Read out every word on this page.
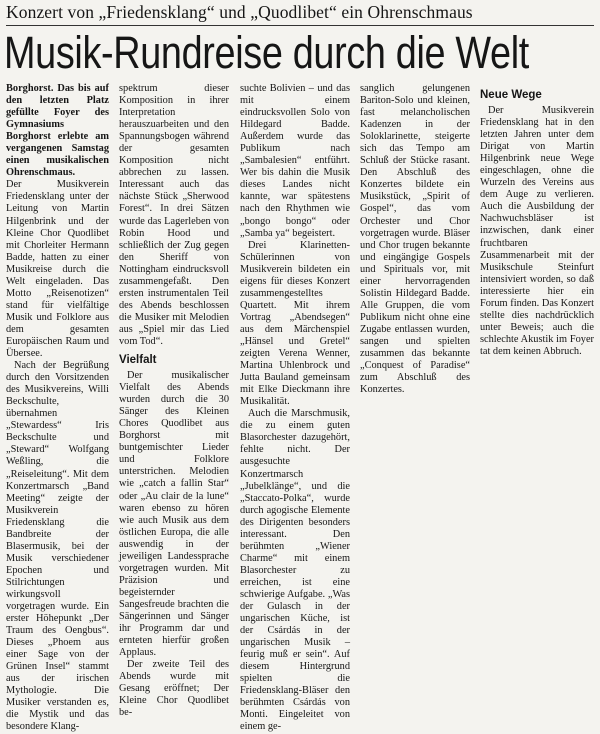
Konzert von „Friedensklang“ und „Quodlibet“ ein Ohrenschmaus
Musik-Rundreise durch die Welt

Borghorst. Das bis auf den letzten Platz gefüllte Foyer des Gymnasiums Borghorst erlebte am vergangenen Samstag einen musikalischen Ohrenschmaus.

Der Musikverein Friedensklang unter der Leitung von Martin Hilgenbrink und der Kleine Chor Quodlibet mit Chorleiter Hermann Badde, hatten zu einer Musikreise durch die Welt eingeladen. Das Motto „Reisenotizen“ stand für vielfältige Musik und Folklore aus dem gesamten Europäischen Raum und Übersee.

Nach der Begrüßung durch den Vorsitzenden des Musikvereins, Willi Beckschulte, übernahmen „Stewardess“ Iris Beckschulte und „Steward“ Wolfgang Weßling, die „Reiseleitung“. Mit dem Konzertmarsch „Band Meeting“ zeigte der Musikverein Friedensklang die Bandbreite der Blasermusik, bei der Musik verschiedener Epochen und Stilrichtungen wirkungsvoll vorgetragen wurde. Ein erster Höhepunkt „Der Traum des Oengbus“. Dieses „Phoem aus einer Sage von der Grünen Insel“ stammt aus der irischen Mythologie. Die Musiker verstanden es, die Mystik und das besondere Klang-

spektrum dieser Komposition in ihrer Interpretation herauszuarbeiten und den Spannungsbogen während der gesamten Komposition nicht abbrechen zu lassen. Interessant auch das nächste Stück „Sherwood Forest“. In drei Sätzen wurde das Lagerleben von Robin Hood und schließlich der Zug gegen den Sheriff von Nottingham eindrucksvoll zusammengefaßt. Den ersten instrumentalen Teil des Abends beschlossen die Musiker mit Melodien aus „Spiel mir das Lied vom Tod“.

Vielfalt

Der musikalischer Vielfalt des Abends wurden durch die 30 Sänger des Kleinen Chores Quodlibet aus Borghorst mit buntgemischter Lieder und Folklore unterstrichen. Melodien wie „catch a fallin Star“ oder „Au clair de la lune“ waren ebenso zu hören wie auch Musik aus dem östlichen Europa, die alle auswendig in der jeweiligen Landessprache vorgetragen wurden. Mit Präzision und begeisternder Sangesfreude brachten die Sängerinnen und Sänger ihr Programm dar und ernteten hierfür großen Applaus.

Der zweite Teil des Abends wurde mit Gesang eröffnet; Der Kleine Chor Quodlibet be-

suchte Bolivien – und das mit einem eindrucksvollen Solo von Hildegard Badde. Außerdem wurde das Publikum nach „Sambalesien“ entführt. Wer bis dahin die Musik dieses Landes nicht kannte, war spätestens nach den Rhythmen wie „bongo bongo“ oder „Samba ya“ begeistert.

Drei Klarinetten-Schülerinnen von Musikverein bildeten ein eigens für dieses Konzert zusammengestelltes Quartett. Mit ihrem Vortrag „Abendsegen“ aus dem Märchenspiel „Hänsel und Gretel“ zeigten Verena Wenner, Martina Uhlenbrock und Jutta Bauland gemeinsam mit Elke Dieckmann ihre Musikalität.

Auch die Marschmusik, die zu einem guten Blasorchester dazugehört, fehlte nicht. Der ausgesuchte Konzertmarsch „Jubelklänge“, und die „Staccato-Polka“, wurde durch agogische Elemente des Dirigenten besonders interessant. Den berühmten „Wiener Charme“ mit einem Blasorchester zu erreichen, ist eine schwierige Aufgabe. „Was der Gulasch in der ungarischen Küche, ist der Csárdás in der ungarischen Musik – feurig muß er sein“. Auf diesem Hintergrund spielten die Friedensklang-Bläser den berühmten Csárdás von Monti. Eingeleitet von einem ge-

sanglich gelungenen Bariton-Solo und kleinen, fast melancholischen Kadenzen in der Soloklarinette, steigerte sich das Tempo am Schluß der Stücke rasant. Den Abschluß des Konzertes bildete ein Musikstück, „Spirit of Gospel“, das vom Orchester und Chor vorgetragen wurde. Bläser und Chor trugen bekannte und eingängige Gospels und Spirituals vor, mit einer hervorragenden Solistin Hildegard Badde. Alle Gruppen, die vom Publikum nicht ohne eine Zugabe entlassen wurden, sangen und spielten zusammen das bekannte „Conquest of Paradise“ zum Abschluß des Konzertes.

Neue Wege

Der Musikverein Friedensklang hat in den letzten Jahren unter dem Dirigat von Martin Hilgenbrink neue Wege eingeschlagen, ohne die Wurzeln des Vereins aus dem Auge zu verlieren. Auch die Ausbildung der Nachwuchsbläser ist inzwischen, dank einer fruchtbaren Zusammenarbeit mit der Musikschule Steinfurt intensiviert worden, so daß interessierte hier ein Forum finden. Das Konzert stellte dies nachdrücklich unter Beweis; auch die schlechte Akustik im Foyer tat dem keinen Abbruch.
